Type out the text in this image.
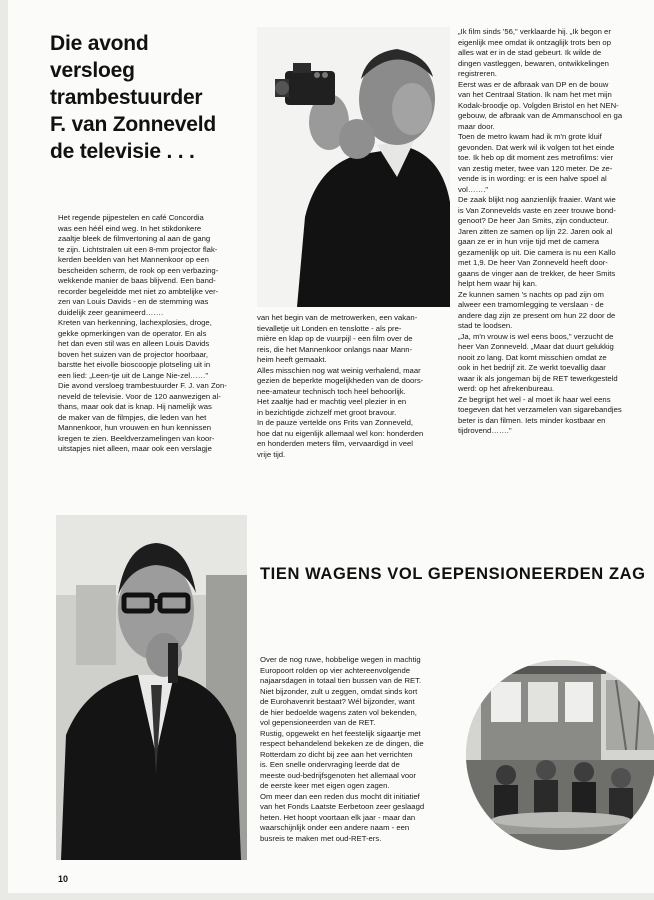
Die avond
versloeg
trambestuurder
F. van Zonneveld
de televisie . . .

Het regende pijpestelen en café Concordia
was een héél eind weg. In het stikdonkere
zaaltje bleek de filmvertoning al aan de gang
te zijn. Lichtstralen uit een 8-mm projector flak-
kerden beelden van het Mannenkoor op een
bescheiden scherm, de rook op een verbazing-
wekkende manier de baas blijvend. Een band-
recorder begeleidde met niet zo ambtelijke ver-
zen van Louis Davids - en de stemming was
duidelijk zeer geanimeerd…….
Kreten van herkenning, lachexplosies, droge,
gekke opmerkingen van de operator. En als
het dan even stil was en alleen Louis Davids
boven het suizen van de projector hoorbaar,
barstte het eivolle bioscoopje plotseling uit in
een lied: „Leen-tje uit de Lange Nie-zel……"
Die avond versloeg trambestuurder F. J. van Zon-
neveld de televisie. Voor de 120 aanwezigen al-
thans, maar ook dat is knap. Hij namelijk was
de maker van de filmpjes, die leden van het
Mannenkoor, hun vrouwen en hun kennissen
kregen te zien. Beeldverzamelingen van koor-
uitstapjes niet alleen, maar ook een verslagje

van het begin van de metrowerken, een vakan-
tievalletje uit Londen en tenslotte - als pre-
mière en klap op de vuurpijl - een film over de
reis, die het Mannenkoor onlangs naar Mann-
heim heeft gemaakt.
Alles misschien nog wat weinig verhalend, maar
gezien de beperkte mogelijkheden van de doors-
nee-amateur technisch toch heel behoorlijk.
Het zaaltje had er machtig veel plezier in en
in bezichtigde zichzelf met groot bravour.
In de pauze vertelde ons Frits van Zonneveld,
hoe dat nu eigenlijk allemaal wel kon: honderden
en honderden meters film, vervaardigd in veel
vrije tijd.

„Ik film sinds '56," verklaarde hij. „Ik begon er
eigenlijk mee omdat ik ontzaglijk trots ben op
alles wat er in de stad gebeurt. Ik wilde de
dingen vastleggen, bewaren, ontwikkelingen
registreren.
Eerst was er de afbraak van DP en de bouw
van het Centraal Station. Ik nam het met mijn
Kodak-broodje op. Volgden Bristol en het NEN-
gebouw, de afbraak van de Ammanschool en ga
maar door.
Toen de metro kwam had ik m'n grote kluif
gevonden. Dat werk wil ik volgen tot het einde
toe. Ik heb op dit moment zes metrofilms: vier
van zestig meter, twee van 120 meter. De ze-
vende is in wording: er is een halve spoel al
vol……."
De zaak blijkt nog aanzienlijk fraaier. Want wie
is Van Zonnevelds vaste en zeer trouwe bond-
genoot? De heer Jan Smits, zijn conducteur.
Jaren zitten ze samen op lijn 22. Jaren ook al
gaan ze er in hun vrije tijd met de camera
gezamenlijk op uit. Die camera is nu een Kallo
met 1,9. De heer Van Zonneveld heeft door-
gaans de vinger aan de trekker, de heer Smits
helpt hem waar hij kan.
Ze kunnen samen 's nachts op pad zijn om
alweer een tramomlegging te verslaan - de
andere dag zijn ze present om hun 22 door de
stad te loodsen.
„Ja, m'n vrouw is wel eens boos," verzucht de
heer Van Zonneveld. „Maar dat duurt gelukkig
nooit zo lang. Dat komt misschien omdat ze
ook in het bedrijf zit. Ze werkt toevallig daar
waar ik als jongeman bij de RET tewerkgesteld
werd: op het afrekenbureau.
Ze begrijpt het wel - al moet ik haar wel eens
toegeven dat het verzamelen van sigarebandjes
beter is dan filmen. Iets minder kostbaar en
tijdrovend……."

TIEN WAGENS VOL GEPENSIONEERDEN ZAG

Over de nog ruwe, hobbelige wegen in machtig
Europoort rolden op vier achtereenvolgende
najaarsdagen in totaal tien bussen van de RET.
Niet bijzonder, zult u zeggen, omdat sinds kort
de Eurohavenrit bestaat? Wél bijzonder, want
de hier bedoelde wagens zaten vol bekenden,
vol gepensioneerden van de RET.
Rustig, opgewekt en het feestelijk sigaartje met
respect behandelend bekeken ze de dingen, die
Rotterdam zo dicht bij zee aan het verrichten
is. Een snelle ondervraging leerde dat de
meeste oud-bedrijfsgenoten het allemaal voor
de eerste keer met eigen ogen zagen.
Om meer dan een reden dus mocht dit initiatief
van het Fonds Laatste Eerbetoon zeer geslaagd
heten. Het hoopt voortaan elk jaar - maar dan
waarschijnlijk onder een andere naam - een
busreis te maken met oud-RET-ers.

10
